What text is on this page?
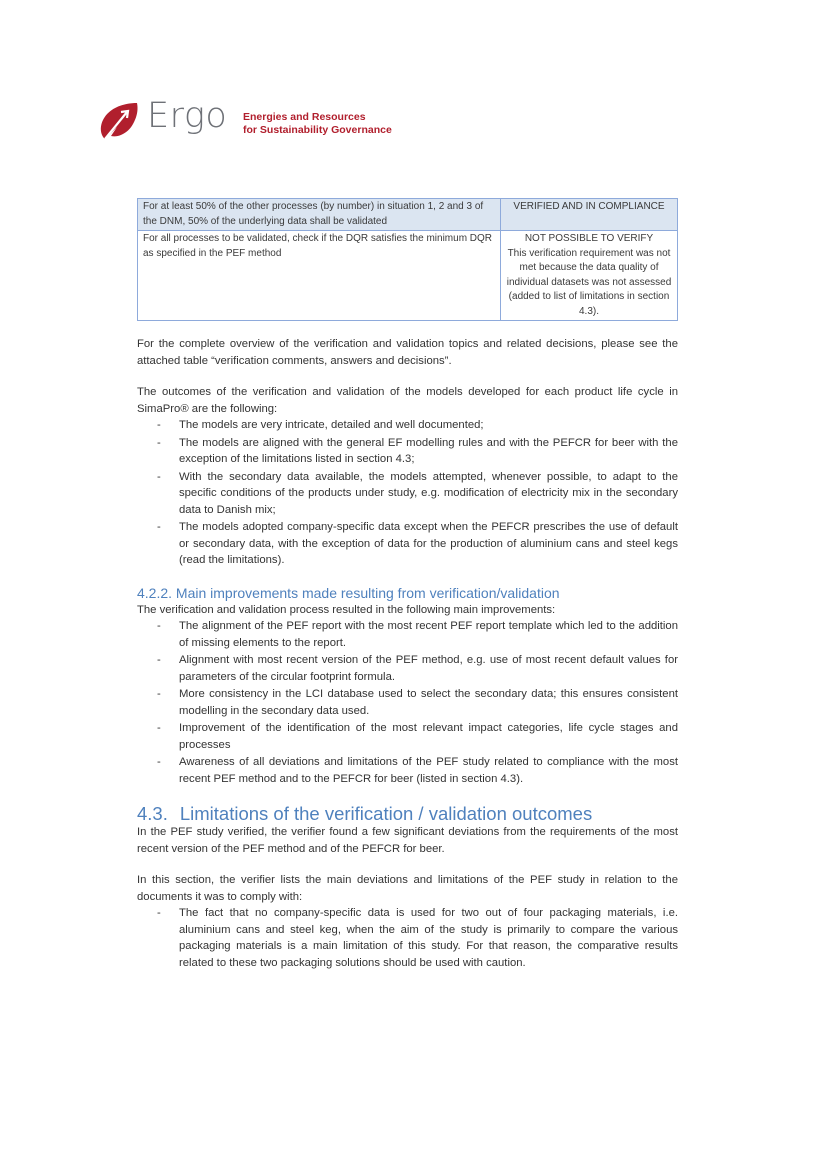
Ergo Energies and Resources
for Sustainability Governance
For at least 50% of the other processes (by number) in situation 1, 2 and 3 of the DNM, 50% of the underlying data shall be validated	VERIFIED AND IN COMPLIANCE
For all processes to be validated, check if the DQR satisfies the minimum DQR as specified in the PEF method	NOT POSSIBLE TO VERIFY
This verification requirement was not met because the data quality of individual datasets was not assessed (added to list of limitations in section 4.3).

For the complete overview of the verification and validation topics and related decisions, please see the attached table “verification comments, answers and decisions”.

The outcomes of the verification and validation of the models developed for each product life cycle in SimaPro® are the following:

- The models are very intricate, detailed and well documented;
- The models are aligned with the general EF modelling rules and with the PEFCR for beer with the exception of the limitations listed in section 4.3;
- With the secondary data available, the models attempted, whenever possible, to adapt to the specific conditions of the products under study, e.g. modification of electricity mix in the secondary data to Danish mix;
- The models adopted company-specific data except when the PEFCR prescribes the use of default or secondary data, with the exception of data for the production of aluminium cans and steel kegs (read the limitations).
4.2.2. Main improvements made resulting from verification/validation

The verification and validation process resulted in the following main improvements:

- The alignment of the PEF report with the most recent PEF report template which led to the addition of missing elements to the report.
- Alignment with most recent version of the PEF method, e.g. use of most recent default values for parameters of the circular footprint formula.
- More consistency in the LCI database used to select the secondary data; this ensures consistent modelling in the secondary data used.
- Improvement of the identification of the most relevant impact categories, life cycle stages and processes
- Awareness of all deviations and limitations of the PEF study related to compliance with the most recent PEF method and to the PEFCR for beer (listed in section 4.3).
4.3. Limitations of the verification / validation outcomes

In the PEF study verified, the verifier found a few significant deviations from the requirements of the most recent version of the PEF method and of the PEFCR for beer.

In this section, the verifier lists the main deviations and limitations of the PEF study in relation to the documents it was to comply with:

- The fact that no company-specific data is used for two out of four packaging materials, i.e. aluminium cans and steel keg, when the aim of the study is primarily to compare the various packaging materials is a main limitation of this study. For that reason, the comparative results related to these two packaging solutions should be used with caution.
